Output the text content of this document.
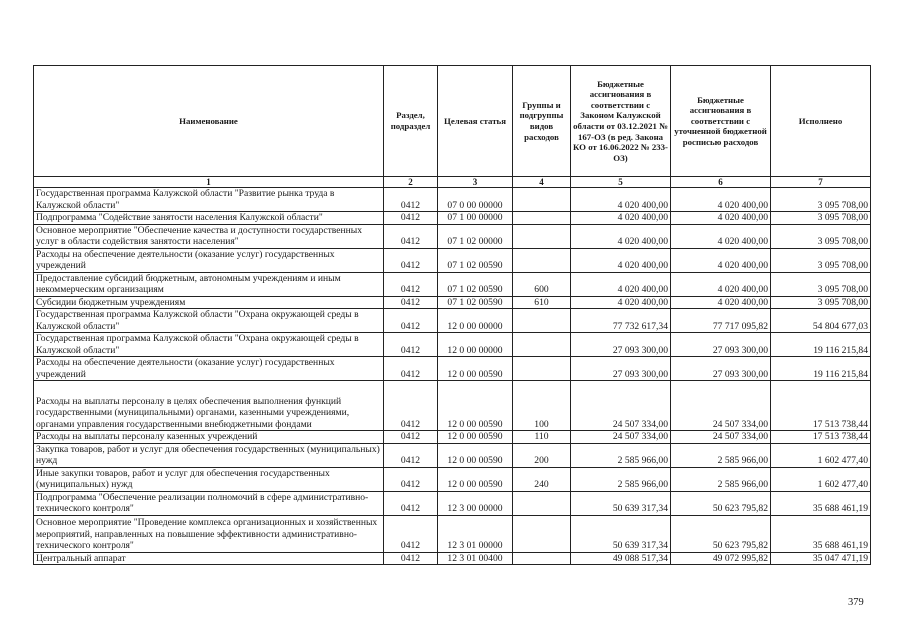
Наименование	Раздел, подраздел	Целевая статья	Группы и подгруппы видов расходов	Бюджетные ассигнования в соответствии с Законом Калужской области от 03.12.2021 № 167-ОЗ (в ред. Закона КО от 16.06.2022 № 233-ОЗ)	Бюджетные ассигнования в соответствии с уточненной бюджетной росписью расходов	Исполнено
1	2	3	4	5	6	7
Государственная программа Калужской области "Развитие рынка труда в Калужской области"	0412	07 0 00 00000		4 020 400,00	4 020 400,00	3 095 708,00
Подпрограмма "Содействие занятости населения Калужской области"	0412	07 1 00 00000		4 020 400,00	4 020 400,00	3 095 708,00
Основное мероприятие "Обеспечение качества и доступности государственных услуг в области содействия занятости населения"	0412	07 1 02 00000		4 020 400,00	4 020 400,00	3 095 708,00
Расходы на обеспечение деятельности (оказание услуг) государственных учреждений	0412	07 1 02 00590		4 020 400,00	4 020 400,00	3 095 708,00
Предоставление субсидий бюджетным, автономным учреждениям и иным некоммерческим организациям	0412	07 1 02 00590	600	4 020 400,00	4 020 400,00	3 095 708,00
Субсидии бюджетным учреждениям	0412	07 1 02 00590	610	4 020 400,00	4 020 400,00	3 095 708,00
Государственная программа Калужской области "Охрана окружающей среды в Калужской области"	0412	12 0 00 00000		77 732 617,34	77 717 095,82	54 804 677,03
Государственная программа Калужской области "Охрана окружающей среды в Калужской области"	0412	12 0 00 00000		27 093 300,00	27 093 300,00	19 116 215,84
Расходы на обеспечение деятельности (оказание услуг) государственных учреждений	0412	12 0 00 00590		27 093 300,00	27 093 300,00	19 116 215,84
Расходы на выплаты персоналу в целях обеспечения выполнения функций государственными (муниципальными) органами, казенными учреждениями, органами управления государственными внебюджетными фондами	0412	12 0 00 00590	100	24 507 334,00	24 507 334,00	17 513 738,44
Расходы на выплаты персоналу казенных учреждений	0412	12 0 00 00590	110	24 507 334,00	24 507 334,00	17 513 738,44
Закупка товаров, работ и услуг для обеспечения государственных (муниципальных) нужд	0412	12 0 00 00590	200	2 585 966,00	2 585 966,00	1 602 477,40
Иные закупки товаров, работ и услуг для обеспечения государственных (муниципальных) нужд	0412	12 0 00 00590	240	2 585 966,00	2 585 966,00	1 602 477,40
Подпрограмма "Обеспечение реализации полномочий в сфере административно-технического контроля"	0412	12 3 00 00000		50 639 317,34	50 623 795,82	35 688 461,19
Основное мероприятие "Проведение комплекса организационных и хозяйственных мероприятий, направленных на повышение эффективности административно-технического контроля"	0412	12 3 01 00000		50 639 317,34	50 623 795,82	35 688 461,19
Центральный аппарат	0412	12 3 01 00400		49 088 517,34	49 072 995,82	35 047 471,19
379
